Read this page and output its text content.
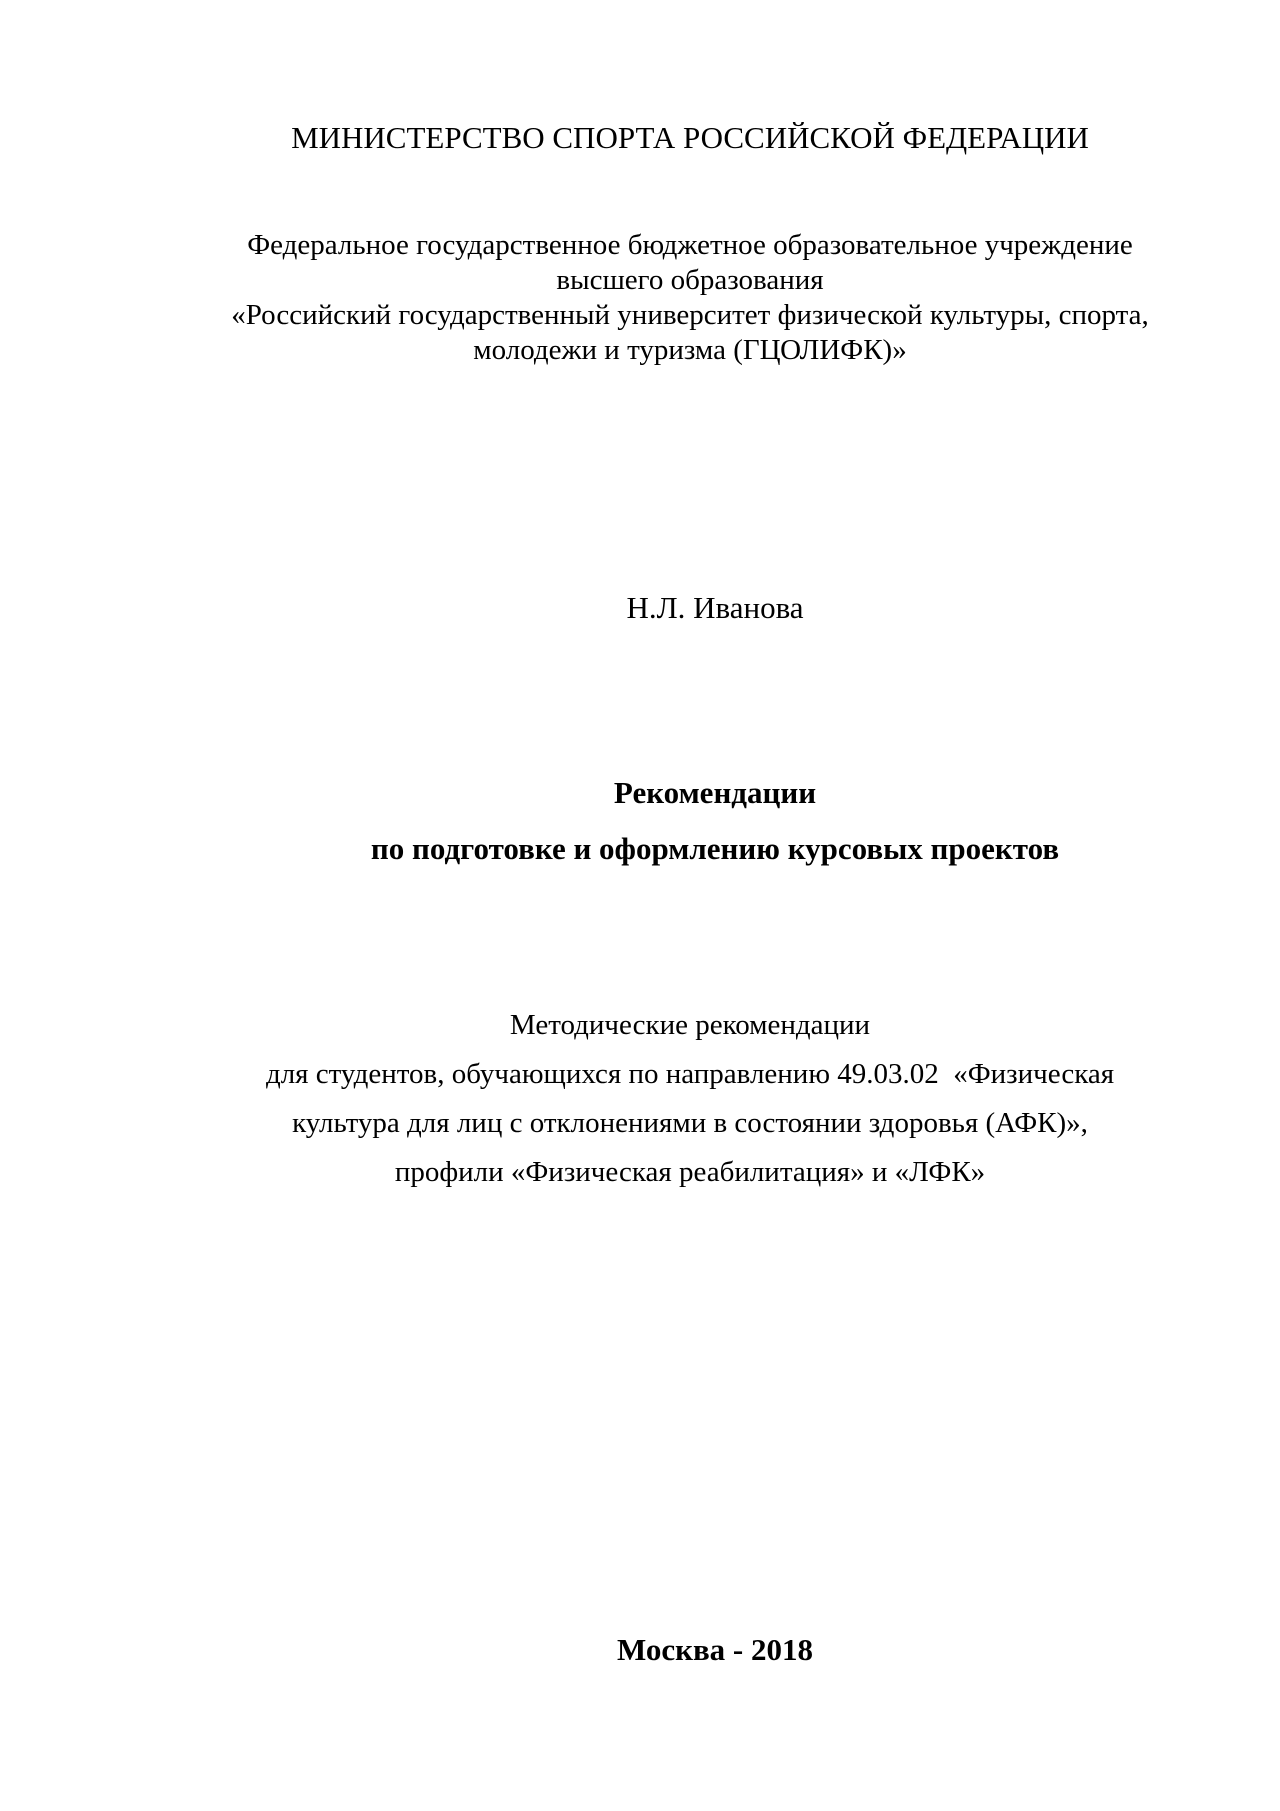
МИНИСТЕРСТВО СПОРТА РОССИЙСКОЙ ФЕДЕРАЦИИ

Федеральное государственное бюджетное образовательное учреждение
высшего образования
«Российский государственный университет физической культуры, спорта,
молодежи и туризма (ГЦОЛИФК)»

Н.Л. Иванова

Рекомендации
по подготовке и оформлению курсовых проектов
Методические рекомендации
для студентов, обучающихся по направлению 49.03.02  «Физическая
культура для лиц с отклонениями в состоянии здоровья (АФК)»,
профили «Физическая реабилитация» и «ЛФК»

Москва - 2018
